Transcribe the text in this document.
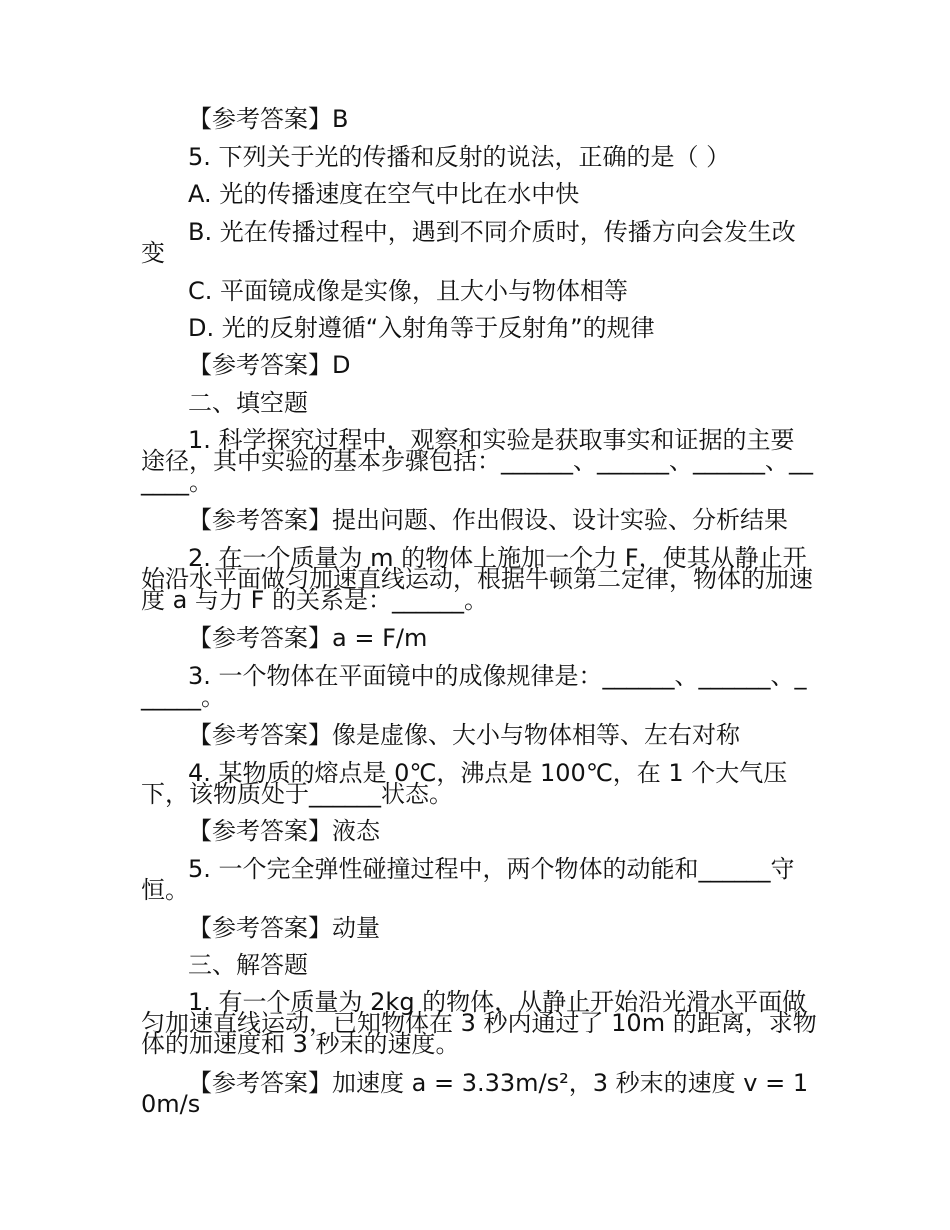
【参考答案】B
5. 下列关于光的传播和反射的说法，正确的是（ ）
A. 光的传播速度在空气中比在水中快
B. 光在传播过程中，遇到不同介质时，传播方向会发生改变
C. 平面镜成像是实像，且大小与物体相等
D. 光的反射遵循“入射角等于反射角”的规律
【参考答案】D
二、填空题
1. 科学探究过程中，观察和实验是获取事实和证据的主要途径，其中实验的基本步骤包括：______、______、______、______。
【参考答案】提出问题、作出假设、设计实验、分析结果
2. 在一个质量为 m 的物体上施加一个力 F，使其从静止开始沿水平面做匀加速直线运动，根据牛顿第二定律，物体的加速度 a 与力 F 的关系是：______。
【参考答案】a = F/m
3. 一个物体在平面镜中的成像规律是：______、______、______。
【参考答案】像是虚像、大小与物体相等、左右对称
4. 某物质的熔点是 0℃，沸点是 100℃，在 1 个大气压下，该物质处于______状态。
【参考答案】液态
5. 一个完全弹性碰撞过程中，两个物体的动能和______守恒。
【参考答案】动量
三、解答题
1. 有一个质量为 2kg 的物体，从静止开始沿光滑水平面做匀加速直线运动，已知物体在 3 秒内通过了 10m 的距离，求物体的加速度和 3 秒末的速度。
【参考答案】加速度 a = 3.33m/s²，3 秒末的速度 v = 10m/s
